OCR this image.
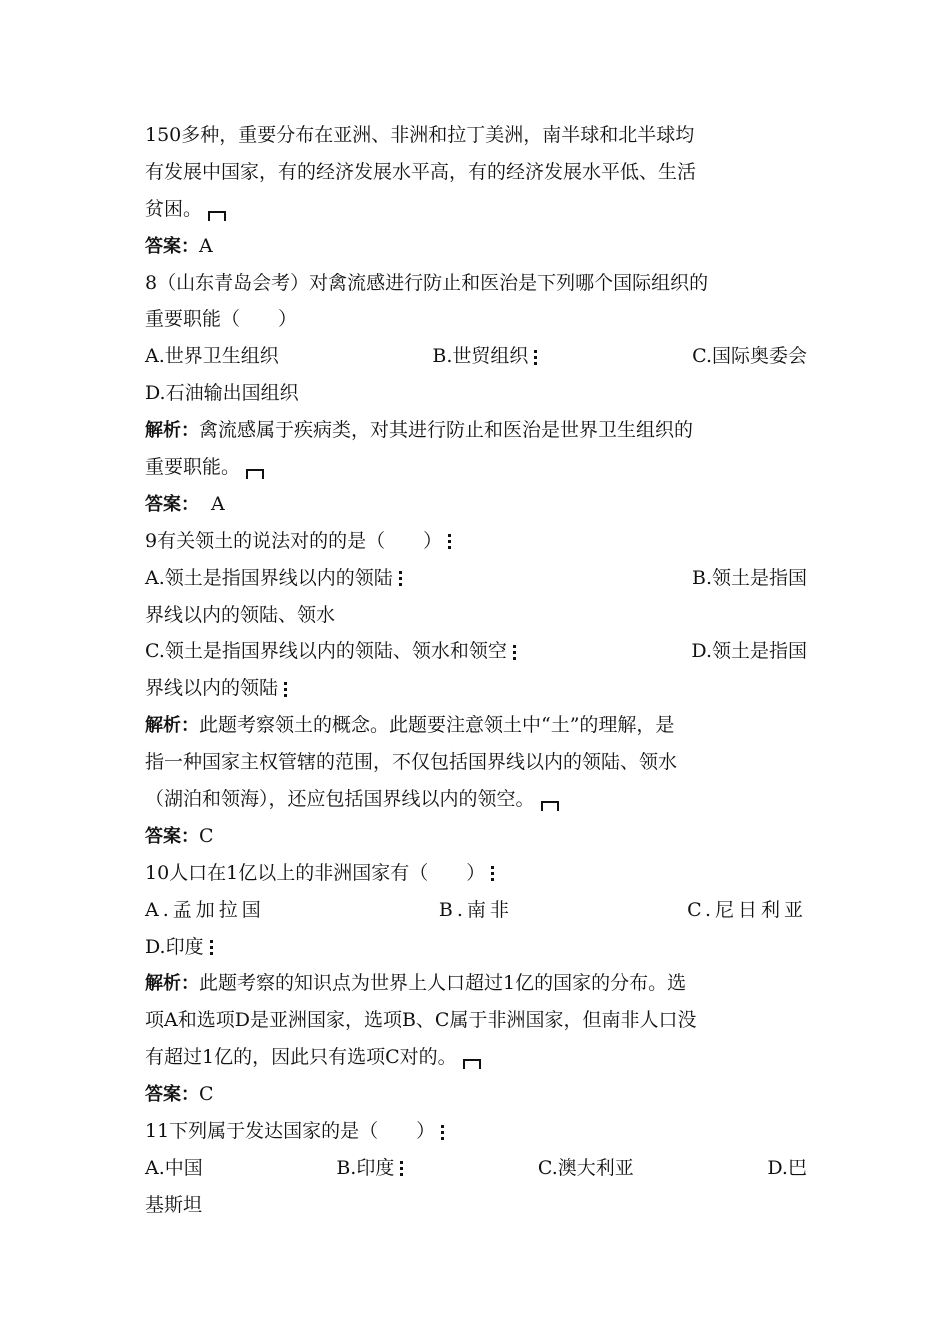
150多种，重要分布在亚洲、非洲和拉丁美洲，南半球和北半球均
有发展中国家，有的经济发展水平高，有的经济发展水平低、生活
贫困。
答案：A
8（山东青岛会考）对禽流感进行防止和医治是下列哪个国际组织的
重要职能（　　）
A.世界卫生组织	B.世贸组织	C.国际奥委会
D.石油输出国组织
解析：禽流感属于疾病类，对其进行防止和医治是世界卫生组织的
重要职能。
答案： A
9有关领土的说法对的的是（　　）
A.领土是指国界线以内的领陆	B.领土是指国
界线以内的领陆、领水
C.领土是指国界线以内的领陆、领水和领空	D.领土是指国
界线以内的领陆
解析：此题考察领土的概念。此题要注意领土中“土”的理解，是
指一种国家主权管辖的范围，不仅包括国界线以内的领陆、领水
（湖泊和领海），还应包括国界线以内的领空。
答案：C
10人口在1亿以上的非洲国家有（　　）
A.孟加拉国	B.南非	C.尼日利亚
D.印度
解析：此题考察的知识点为世界上人口超过1亿的国家的分布。选
项A和选项D是亚洲国家，选项B、C属于非洲国家，但南非人口没
有超过1亿的，因此只有选项C对的。
答案：C
11下列属于发达国家的是（　　）
A.中国	B.印度	C.澳大利亚	D.巴
基斯坦
